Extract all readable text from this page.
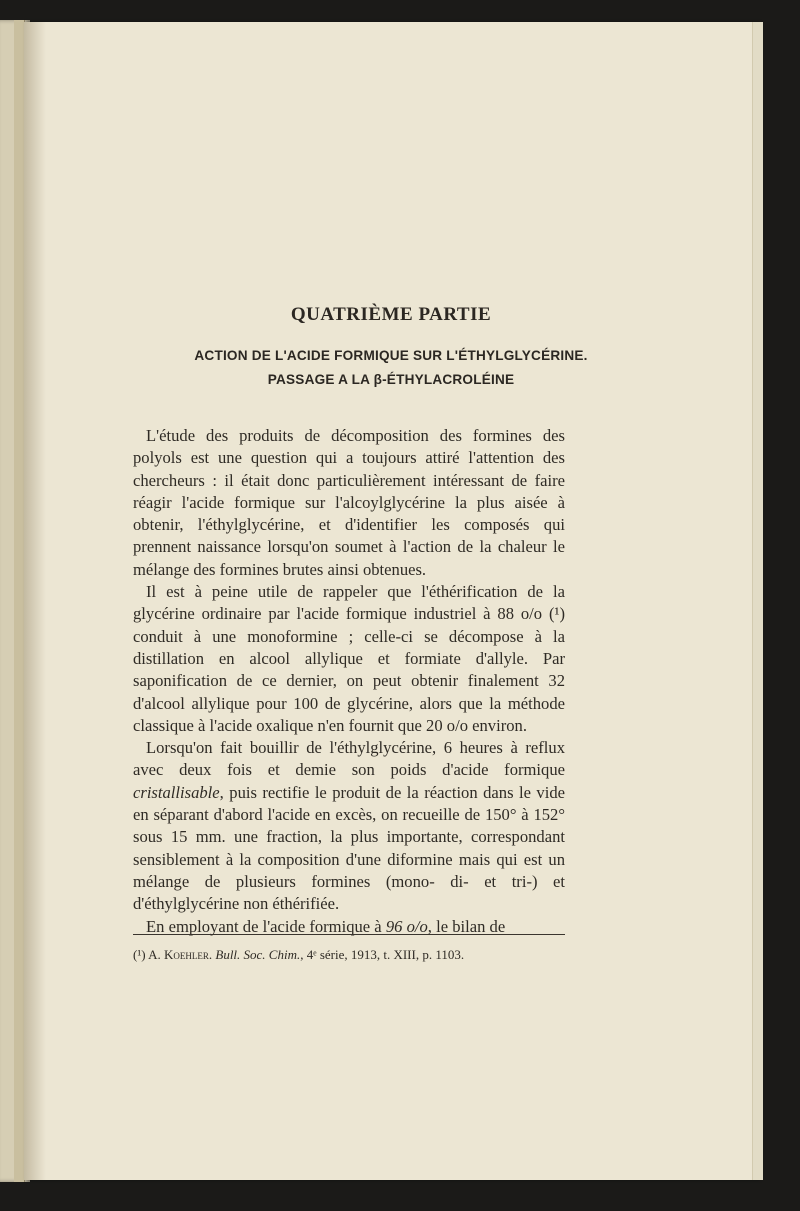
QUATRIÈME PARTIE
ACTION DE L'ACIDE FORMIQUE SUR L'ÉTHYLGLYCÉRINE.
PASSAGE A LA β-ÉTHYLACROLÉINE

L'étude des produits de décomposition des formines des polyols est une question qui a toujours attiré l'attention des chercheurs : il était donc particulièrement intéressant de faire réagir l'acide formique sur l'alcoylglycérine la plus aisée à obtenir, l'éthylglycérine, et d'identifier les composés qui prennent naissance lorsqu'on soumet à l'action de la chaleur le mélange des formines brutes ainsi obtenues.

Il est à peine utile de rappeler que l'éthérification de la glycérine ordinaire par l'acide formique industriel à 88 o/o (¹) conduit à une monoformine ; celle-ci se décompose à la distillation en alcool allylique et formiate d'allyle. Par saponification de ce dernier, on peut obtenir finalement 32 d'alcool allylique pour 100 de glycérine, alors que la méthode classique à l'acide oxalique n'en fournit que 20 o/o environ.

Lorsqu'on fait bouillir de l'éthylglycérine, 6 heures à reflux avec deux fois et demie son poids d'acide formique cristallisable, puis rectifie le produit de la réaction dans le vide en séparant d'abord l'acide en excès, on recueille de 150° à 152° sous 15 mm. une fraction, la plus importante, correspondant sensiblement à la composition d'une diformine mais qui est un mélange de plusieurs formines (mono- di- et tri-) et d'éthylglycérine non éthérifiée.

En employant de l'acide formique à 96 o/o, le bilan de

(¹) A. Koehler. Bull. Soc. Chim., 4ᵉ série, 1913, t. XIII, p. 1103.
